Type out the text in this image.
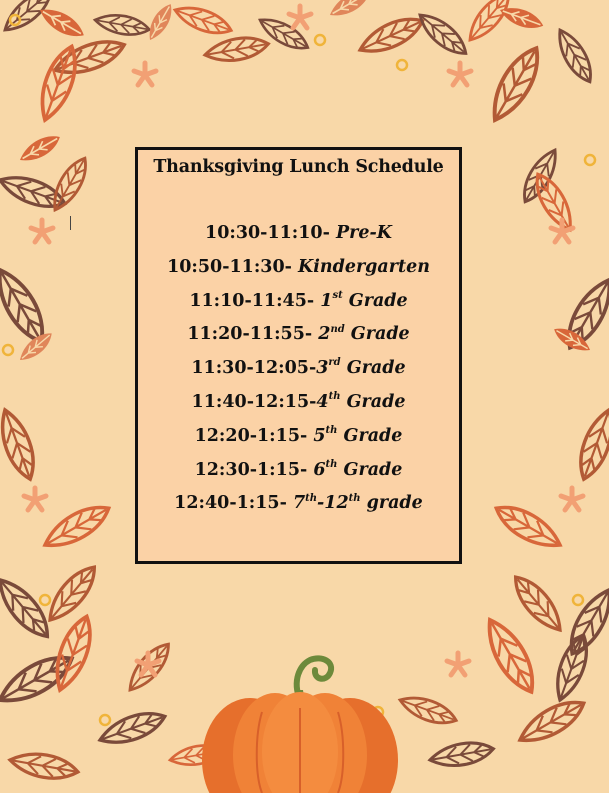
Thanksgiving Lunch Schedule
10:30-11:10- Pre-K
10:50-11:30- Kindergarten
11:10-11:45- 1st Grade
11:20-11:55- 2nd Grade
11:30-12:05-3rd Grade
11:40-12:15-4th Grade
12:20-1:15- 5th Grade
12:30-1:15- 6th Grade
12:40-1:15- 7th-12th grade
